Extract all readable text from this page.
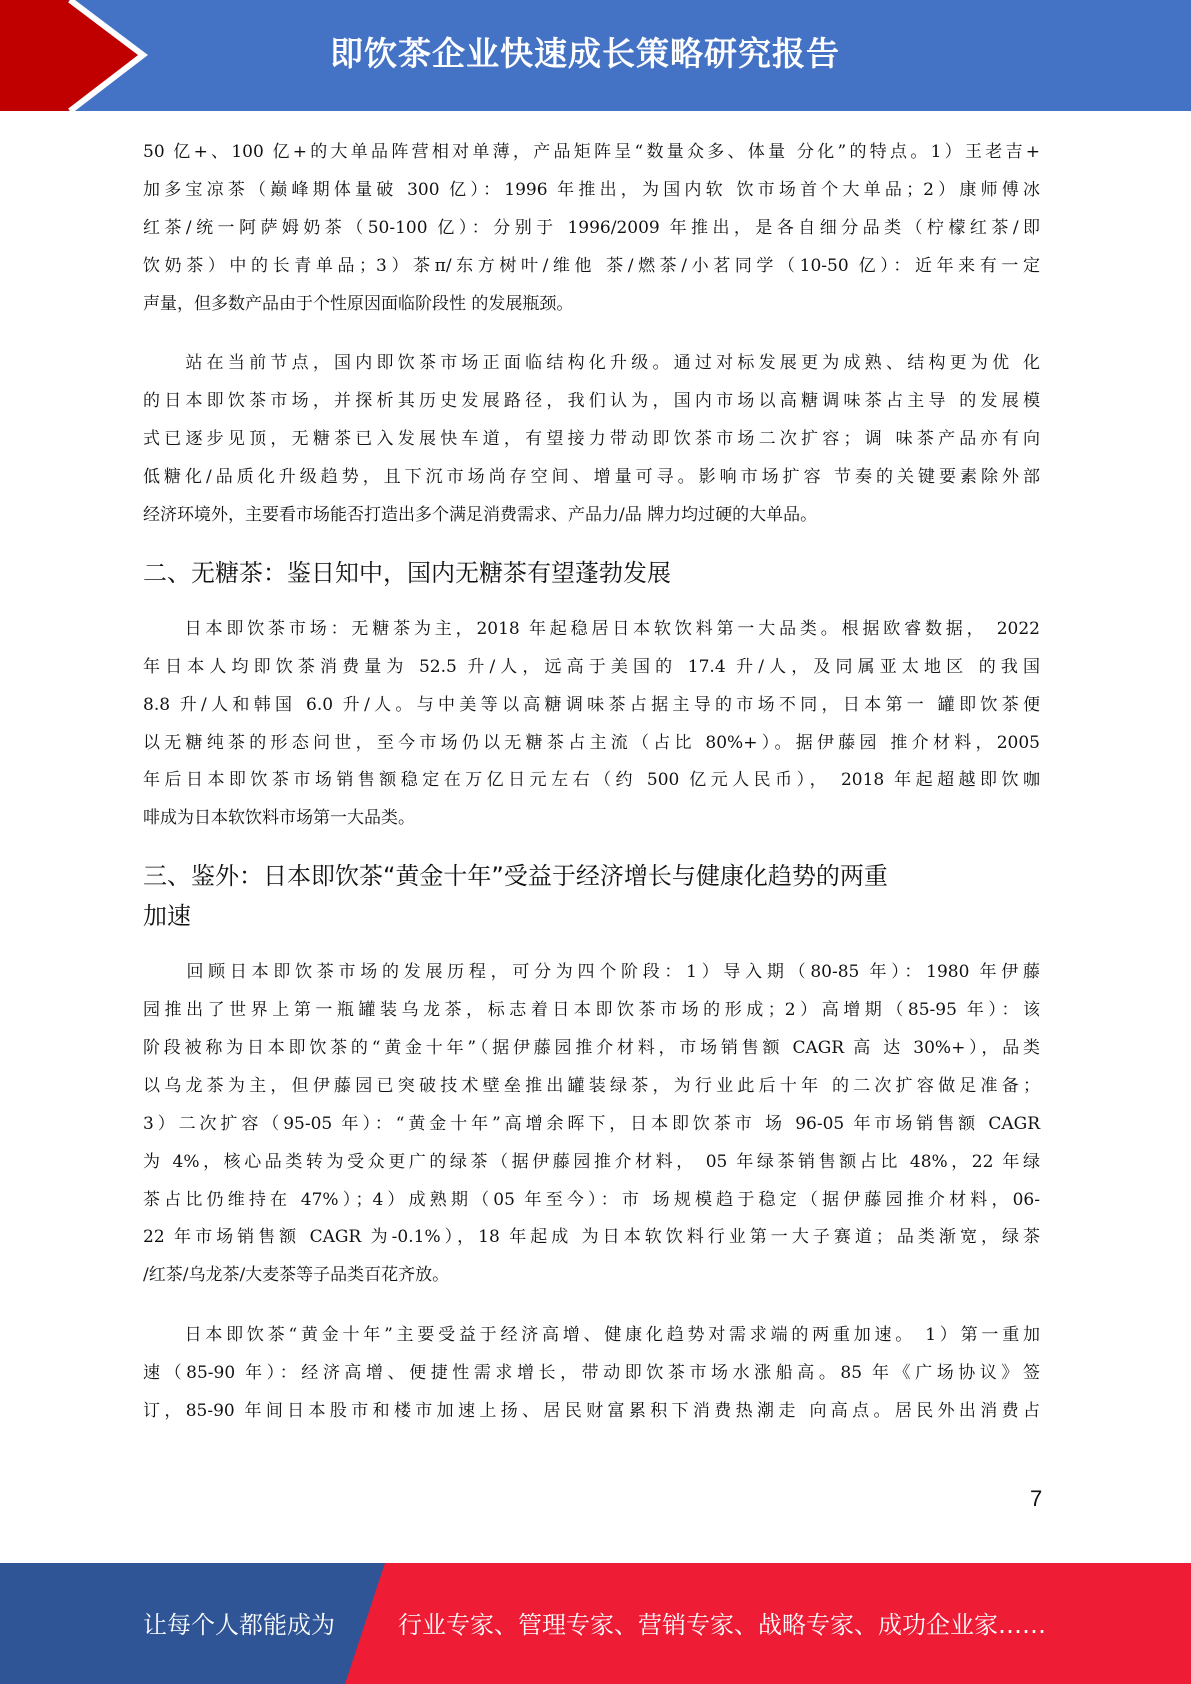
即饮茶企业快速成长策略研究报告
50 亿+、100 亿+的大单品阵营相对单薄，产品矩阵呈“数量众多、体量 分化”的特点。1）王老吉+
加多宝凉茶（巅峰期体量破 300 亿）：1996 年推出，为国内软 饮市场首个大单品；2）康师傅冰
红茶/统一阿萨姆奶茶（50-100 亿）：分别于 1996/2009 年推出，是各自细分品类（柠檬红茶/即
饮奶茶）中的长青单品；3）茶π/东方树叶/维他 茶/燃茶/小茗同学（10-50 亿）：近年来有一定
声量，但多数产品由于个性原因面临阶段性 的发展瓶颈。
　　站在当前节点，国内即饮茶市场正面临结构化升级。通过对标发展更为成熟、结构更为优 化
的日本即饮茶市场，并探析其历史发展路径，我们认为，国内市场以高糖调味茶占主导 的发展模
式已逐步见顶，无糖茶已入发展快车道，有望接力带动即饮茶市场二次扩容；调 味茶产品亦有向
低糖化/品质化升级趋势，且下沉市场尚存空间、增量可寻。影响市场扩容 节奏的关键要素除外部
经济环境外，主要看市场能否打造出多个满足消费需求、产品力/品 牌力均过硬的大单品。
二、无糖茶：鉴日知中，国内无糖茶有望蓬勃发展
　　日本即饮茶市场：无糖茶为主，2018 年起稳居日本软饮料第一大品类。根据欧睿数据， 2022
年日本人均即饮茶消费量为 52.5 升/人，远高于美国的 17.4 升/人，及同属亚太地区 的我国
8.8 升/人和韩国 6.0 升/人。与中美等以高糖调味茶占据主导的市场不同，日本第一 罐即饮茶便
以无糖纯茶的形态问世，至今市场仍以无糖茶占主流（占比 80%+）。据伊藤园 推介材料，2005
年后日本即饮茶市场销售额稳定在万亿日元左右（约 500 亿元人民币）， 2018 年起超越即饮咖
啡成为日本软饮料市场第一大品类。
三、鉴外：日本即饮茶“黄金十年”受益于经济增长与健康化趋势的两重
加速
　　回顾日本即饮茶市场的发展历程，可分为四个阶段：1）导入期（80-85 年）：1980 年伊藤
园推出了世界上第一瓶罐装乌龙茶，标志着日本即饮茶市场的形成；2）高增期（85-95 年）：该
阶段被称为日本即饮茶的“黄金十年”（据伊藤园推介材料，市场销售额 CAGR 高 达 30%+），品类
以乌龙茶为主，但伊藤园已突破技术壁垒推出罐装绿茶，为行业此后十年 的二次扩容做足准备；
3）二次扩容（95-05 年）：“黄金十年”高增余晖下，日本即饮茶市 场 96-05 年市场销售额 CAGR
为 4%，核心品类转为受众更广的绿茶（据伊藤园推介材料， 05 年绿茶销售额占比 48%，22 年绿
茶占比仍维持在 47%）；4）成熟期（05 年至今）：市 场规模趋于稳定（据伊藤园推介材料，06-
22 年市场销售额 CAGR 为-0.1%），18 年起成 为日本软饮料行业第一大子赛道；品类渐宽，绿茶
/红茶/乌龙茶/大麦茶等子品类百花齐放。
　　日本即饮茶“黄金十年”主要受益于经济高增、健康化趋势对需求端的两重加速。 1）第一重加
速（85-90 年）：经济高增、便捷性需求增长，带动即饮茶市场水涨船高。85 年《广场协议》签
订，85-90 年间日本股市和楼市加速上扬、居民财富累积下消费热潮走 向高点。居民外出消费占
7
让每个人都能成为	行业专家、管理专家、营销专家、战略专家、成功企业家……
